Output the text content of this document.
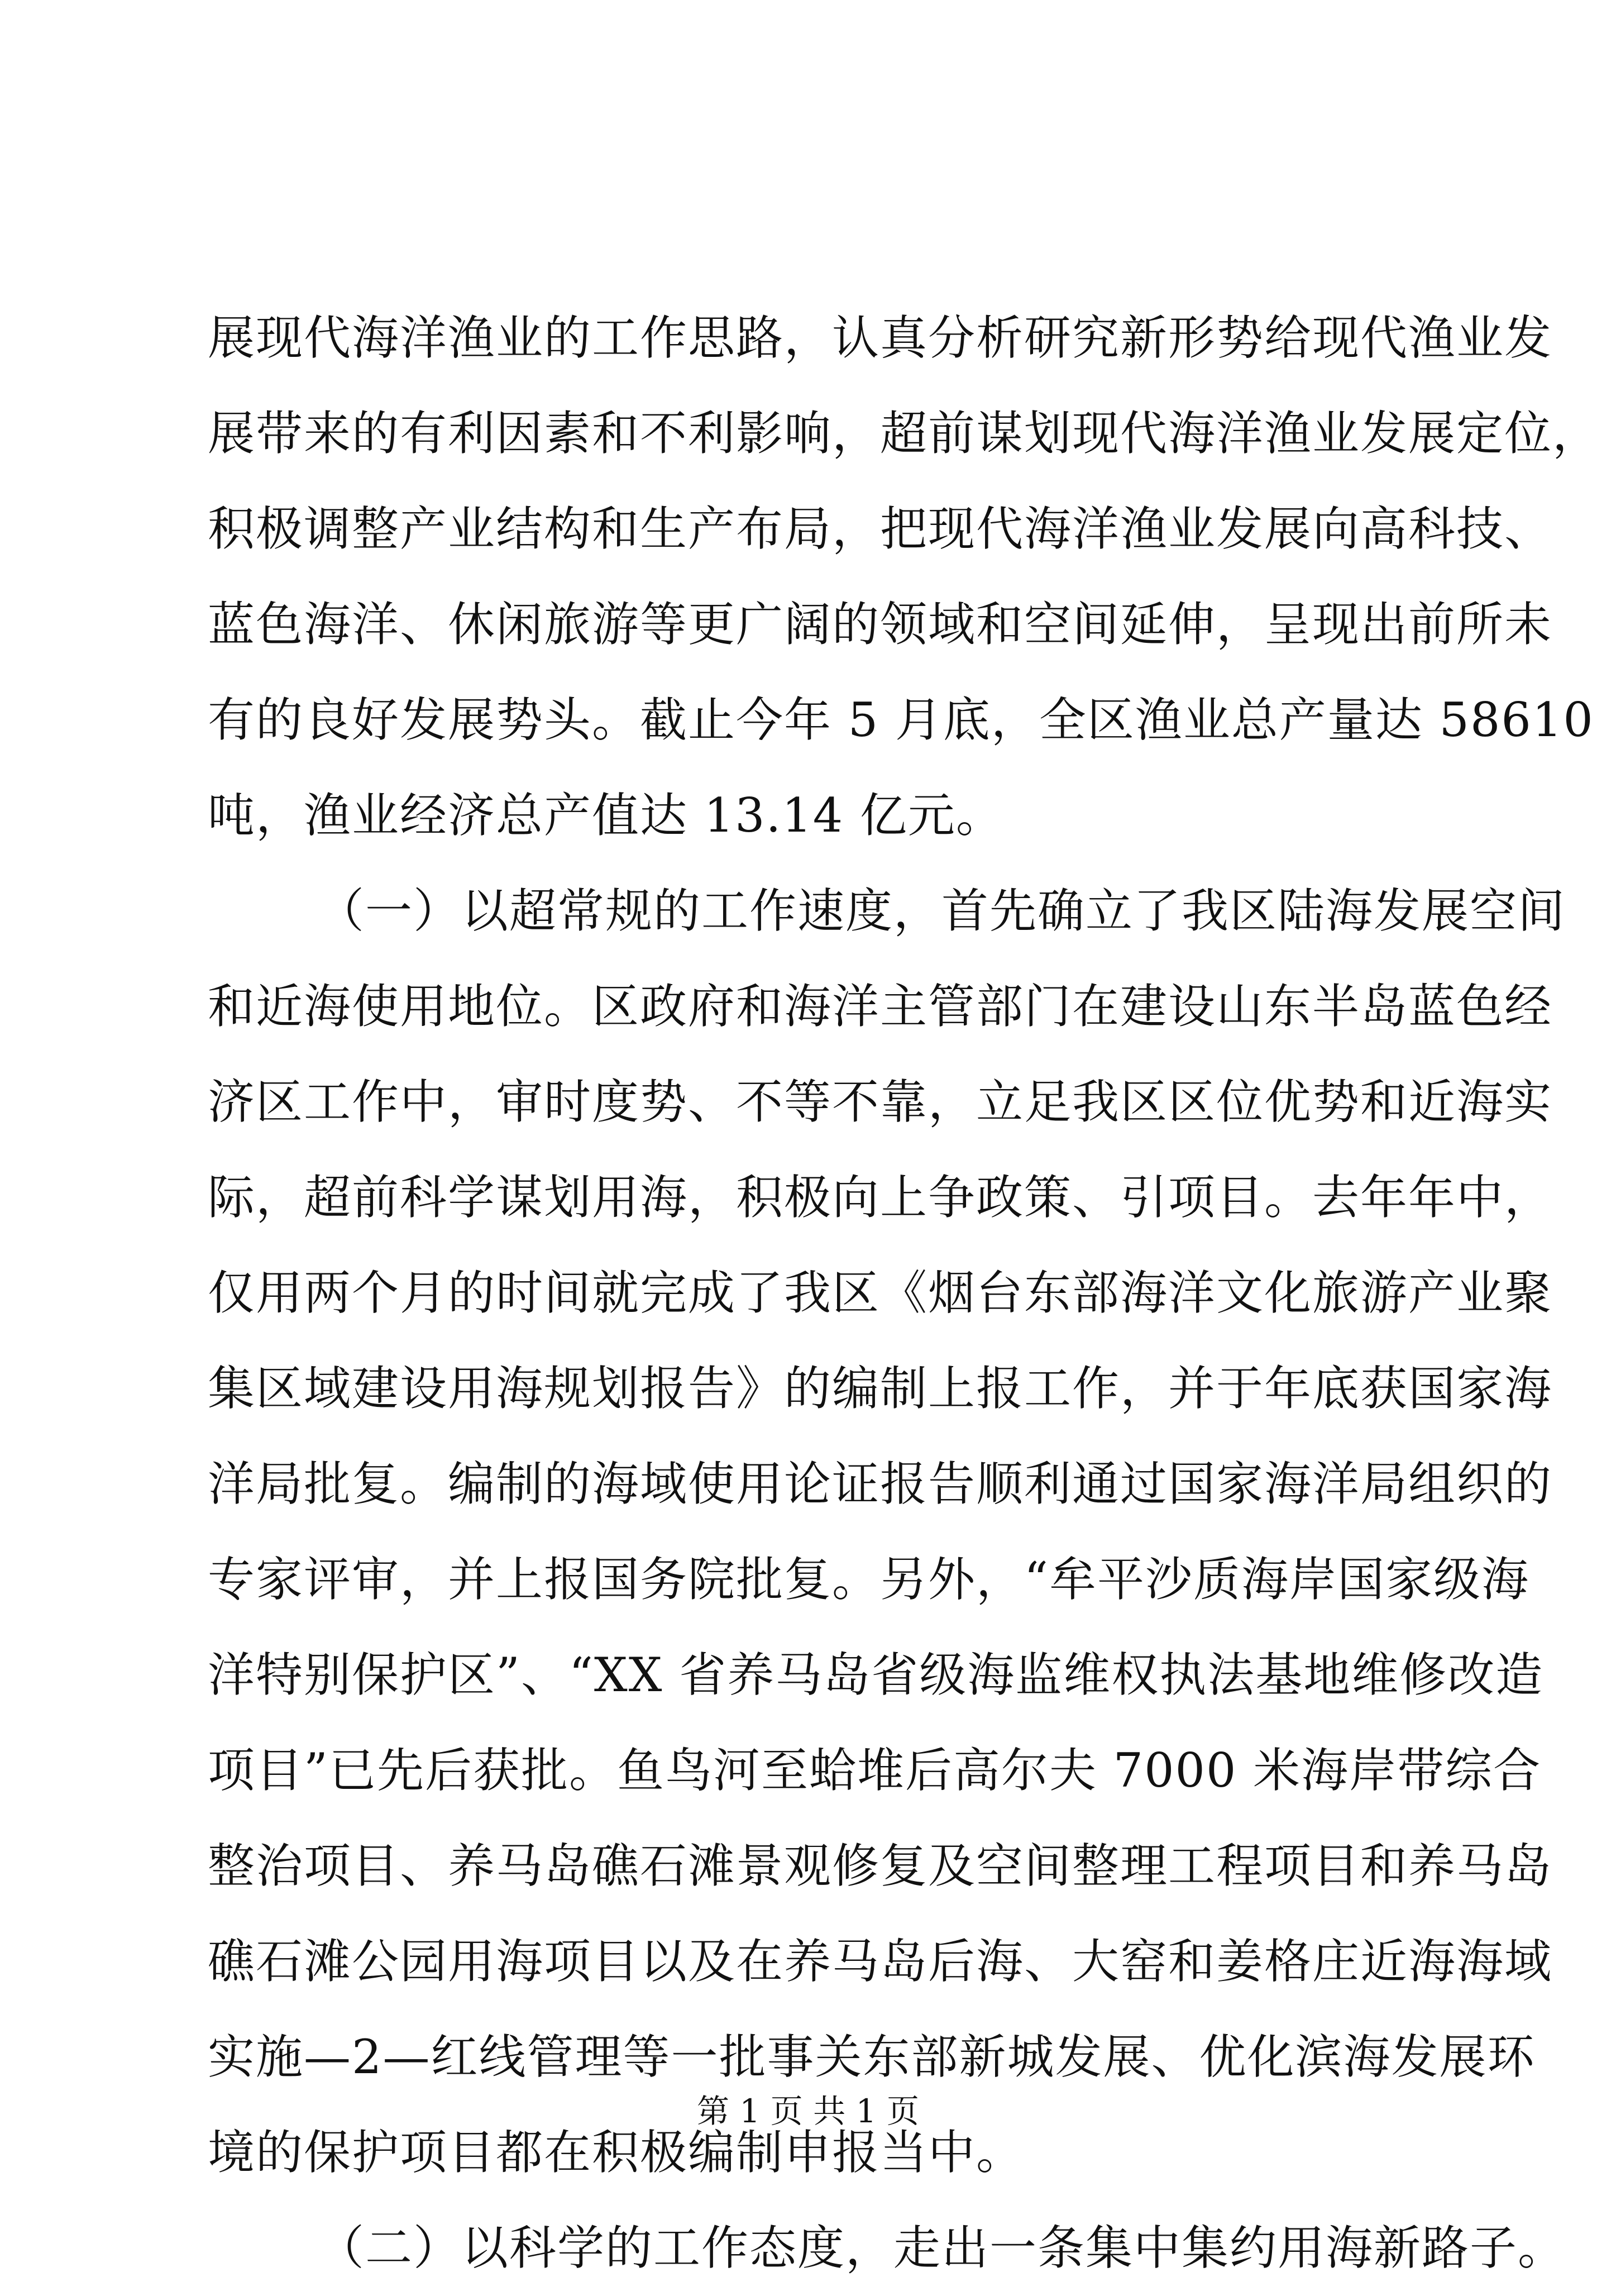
展现代海洋渔业的工作思路，认真分析研究新形势给现代渔业发
展带来的有利因素和不利影响，超前谋划现代海洋渔业发展定位，
积极调整产业结构和生产布局，把现代海洋渔业发展向高科技、
蓝色海洋、休闲旅游等更广阔的领域和空间延伸，呈现出前所未
有的良好发展势头。截止今年 5 月底，全区渔业总产量达 58610
吨，渔业经济总产值达 13.14 亿元。
（一）以超常规的工作速度，首先确立了我区陆海发展空间
和近海使用地位。区政府和海洋主管部门在建设山东半岛蓝色经
济区工作中，审时度势、不等不靠，立足我区区位优势和近海实
际，超前科学谋划用海，积极向上争政策、引项目。去年年中，
仅用两个月的时间就完成了我区《烟台东部海洋文化旅游产业聚
集区域建设用海规划报告》的编制上报工作，并于年底获国家海
洋局批复。编制的海域使用论证报告顺利通过国家海洋局组织的
专家评审，并上报国务院批复。另外，“牟平沙质海岸国家级海
洋特别保护区”、“XX 省养马岛省级海监维权执法基地维修改造
项目”已先后获批。鱼鸟河至蛤堆后高尔夫 7000 米海岸带综合
整治项目、养马岛礁石滩景观修复及空间整理工程项目和养马岛
礁石滩公园用海项目以及在养马岛后海、大窑和姜格庄近海海域
实施—2—红线管理等一批事关东部新城发展、优化滨海发展环
境的保护项目都在积极编制申报当中。
（二）以科学的工作态度，走出一条集中集约用海新路子。
第 1 页 共 1 页
